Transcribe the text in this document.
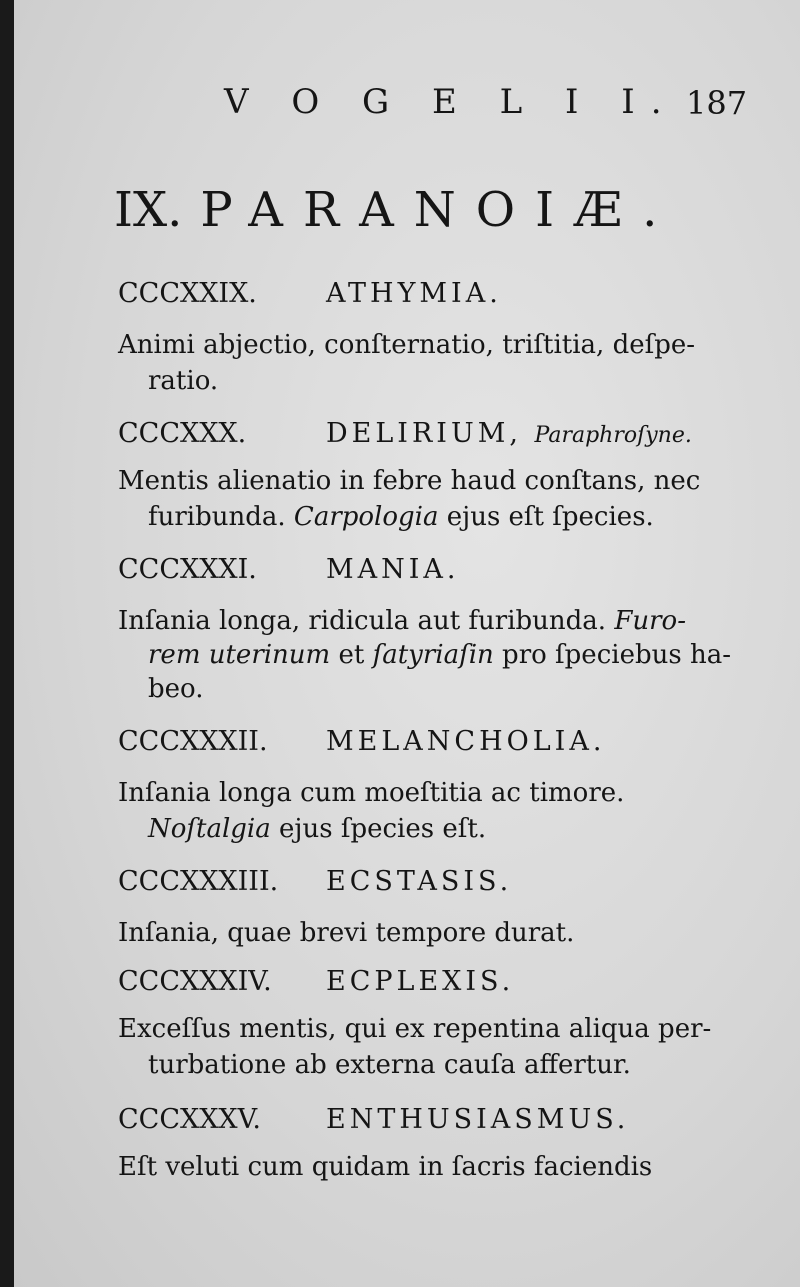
V O G E L I I. 187
IX. PARANOIÆ.
CCCXXIX.	ATHYMIA.
Animi abjectio, conſternatio, triſtitia, deſpe-
ratio.
CCCXXX.	DELIRIUM, Paraphroſyne.
Mentis alienatio in febre haud conſtans, nec
furibunda. Carpologia ejus eſt ſpecies.
CCCXXXI.	MANIA.
Inſania longa, ridicula aut furibunda. Furo-
rem uterinum et ſatyriaſin pro ſpeciebus ha-
beo.
CCCXXXII. MELANCHOLIA.
Inſania longa cum moeſtitia ac timore.
Noſtalgia ejus ſpecies eſt.
CCCXXXIII. ECSTASIS.
Inſania, quae brevi tempore durat.
CCCXXXIV. ECPLEXIS.
Exceſſus mentis, qui ex repentina aliqua per-
turbatione ab externa cauſa affertur.
CCCXXXV. ENTHUSIASMUS.
Eſt veluti cum quidam in ſacris faciendis
